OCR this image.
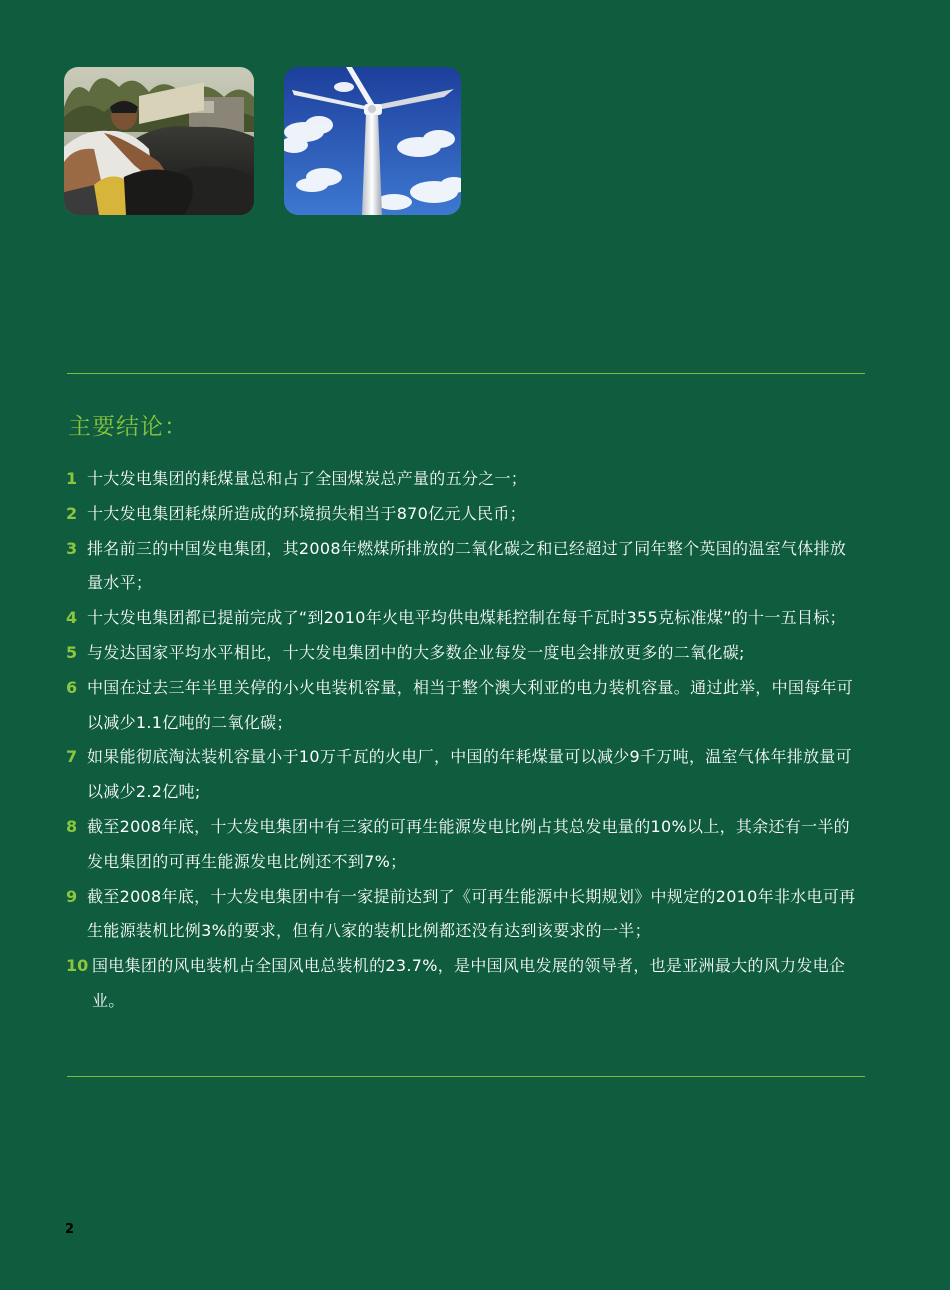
主要结论：
1 十大发电集团的耗煤量总和占了全国煤炭总产量的五分之一；
2 十大发电集团耗煤所造成的环境损失相当于870亿元人民币；
3 排名前三的中国发电集团，其2008年燃煤所排放的二氧化碳之和已经超过了同年整个英国的温室气体排放量水平；
4 十大发电集团都已提前完成了“到2010年火电平均供电煤耗控制在每千瓦时355克标准煤”的十一五目标；
5 与发达国家平均水平相比，十大发电集团中的大多数企业每发一度电会排放更多的二氧化碳;
6 中国在过去三年半里关停的小火电装机容量，相当于整个澳大利亚的电力装机容量。通过此举，中国每年可以减少1.1亿吨的二氧化碳；
7 如果能彻底淘汰装机容量小于10万千瓦的火电厂，中国的年耗煤量可以减少9千万吨，温室气体年排放量可以减少2.2亿吨;
8 截至2008年底，十大发电集团中有三家的可再生能源发电比例占其总发电量的10%以上，其余还有一半的发电集团的可再生能源发电比例还不到7%；
9 截至2008年底，十大发电集团中有一家提前达到了《可再生能源中长期规划》中规定的2010年非水电可再生能源装机比例3%的要求，但有八家的装机比例都还没有达到该要求的一半；
10 国电集团的风电装机占全国风电总装机的23.7%，是中国风电发展的领导者，也是亚洲最大的风力发电企业。
2
